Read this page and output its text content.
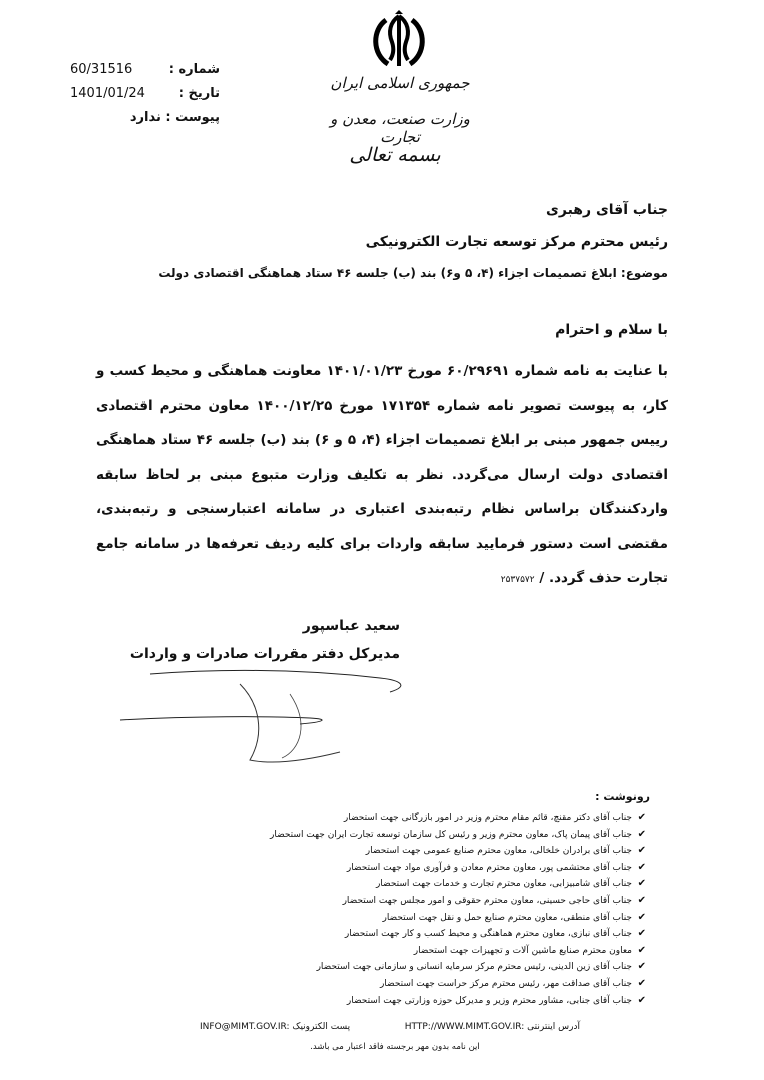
شماره :
60/31516
تاریخ :
1401/01/24
پیوست : ندارد
جمهوری اسلامی ایران
وزارت صنعت، معدن و تجارت
بسمه تعالی
جناب آقای رهبری
رئیس محترم مرکز توسعه تجارت الکترونیکی
موضوع: ابلاغ تصمیمات اجزاء (۴، ۵ و۶) بند (ب) جلسه ۴۶ ستاد هماهنگی اقتصادی دولت
با سلام و احترام
با عنایت به نامه شماره ۶۰/۲۹۶۹۱ مورخ ۱۴۰۱/۰۱/۲۳ معاونت هماهنگی و محیط کسب و کار، به پیوست تصویر نامه شماره ۱۷۱۳۵۴ مورخ ۱۴۰۰/۱۲/۲۵ معاون محترم اقتصادی رییس جمهور مبنی بر ابلاغ تصمیمات اجزاء (۴، ۵ و ۶) بند (ب) جلسه ۴۶ ستاد هماهنگی اقتصادی دولت ارسال می‌گردد. نظر به تکلیف وزارت متبوع مبنی بر لحاظ سابقه واردکنندگان براساس نظام رتبه‌بندی اعتباری در سامانه اعتبارسنجی و رتبه‌بندی، مقتضی است دستور فرمایید سابقه واردات برای کلیه ردیف تعرفه‌ها در سامانه جامع تجارت حذف گردد. / ۲۵۳۷۵۷۲
سعید عباسپور
مدیرکل دفتر مقررات صادرات و واردات
رونوشت :
✔جناب آقای دکتر مقنچ، قائم مقام محترم وزیر در امور بازرگانی جهت استحضار
✔جناب آقای پیمان پاک، معاون محترم وزیر و رئیس کل سازمان توسعه تجارت ایران جهت استحضار
✔جناب آقای برادران خلخالی، معاون محترم صنایع عمومی جهت استحضار
✔جناب آقای محتشمی پور، معاون محترم معادن و فرآوری مواد جهت استحضار
✔جناب آقای شامبیزابی، معاون محترم تجارت و خدمات جهت استحضار
✔جناب آقای حاجی حسینی، معاون محترم حقوقی و امور مجلس جهت استحضار
✔جناب آقای منطقی، معاون محترم صنایع حمل و نقل جهت استحضار
✔جناب آقای نبازی، معاون محترم هماهنگی و محیط کسب و کار جهت استحضار
✔معاون محترم صنایع ماشین آلات و تجهیزات جهت استحضار
✔جناب آقای زین الدینی، رئیس محترم مرکز سرمایه انسانی و سازمانی جهت استحضار
✔جناب آقای صداقت مهر، رئیس محترم مرکز حراست جهت استحضار
✔جناب آقای جنابی، مشاور محترم وزیر و مدیرکل حوزه وزارتی جهت استحضار
INFO@MIMT.GOV.IR: پست الکترونیک	HTTP://WWW.MIMT.GOV.IR: آدرس اینترنتی
این نامه بدون مهر برجسته فاقد اعتبار می باشد.
